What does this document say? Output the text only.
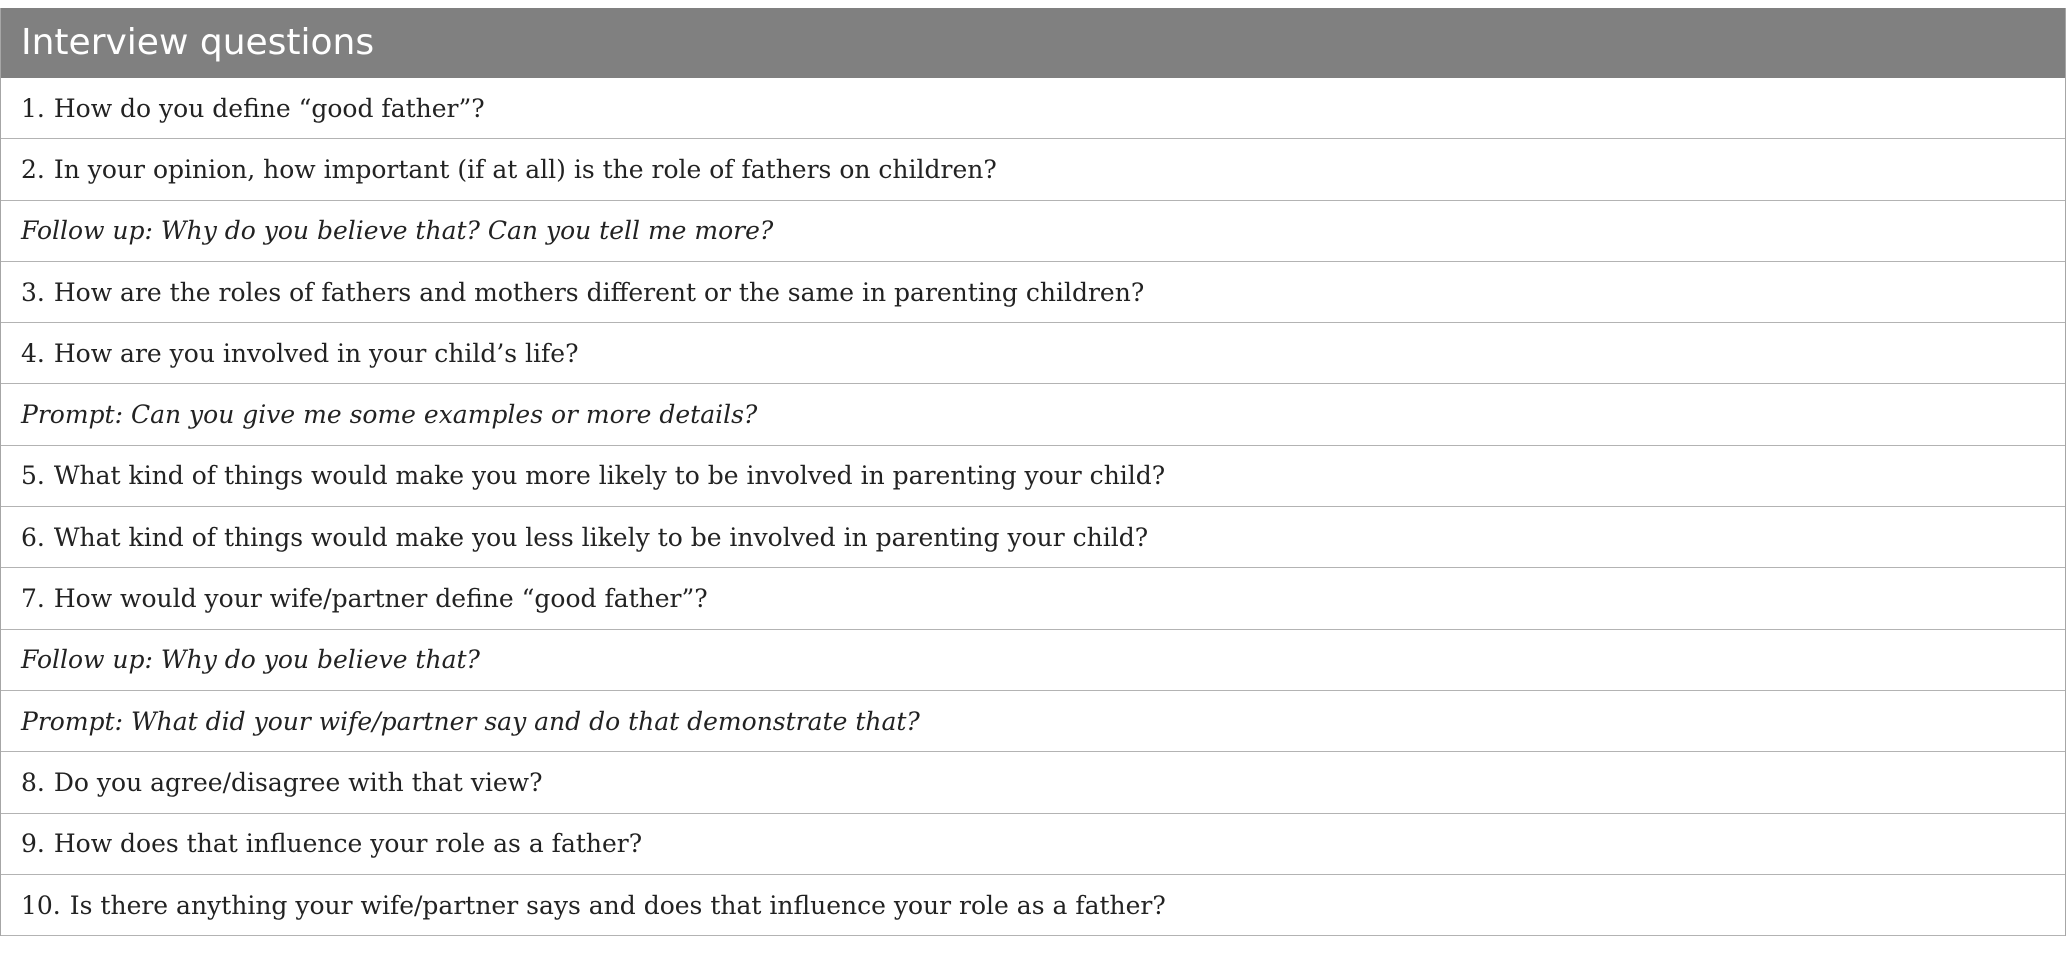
Interview questions
1. How do you define “good father”?
2. In your opinion, how important (if at all) is the role of fathers on children?
Follow up: Why do you believe that? Can you tell me more?
3. How are the roles of fathers and mothers different or the same in parenting children?
4. How are you involved in your child’s life?
Prompt: Can you give me some examples or more details?
5. What kind of things would make you more likely to be involved in parenting your child?
6. What kind of things would make you less likely to be involved in parenting your child?
7. How would your wife/partner define “good father”?
Follow up: Why do you believe that?
Prompt: What did your wife/partner say and do that demonstrate that?
8. Do you agree/disagree with that view?
9. How does that influence your role as a father?
10. Is there anything your wife/partner says and does that influence your role as a father?
